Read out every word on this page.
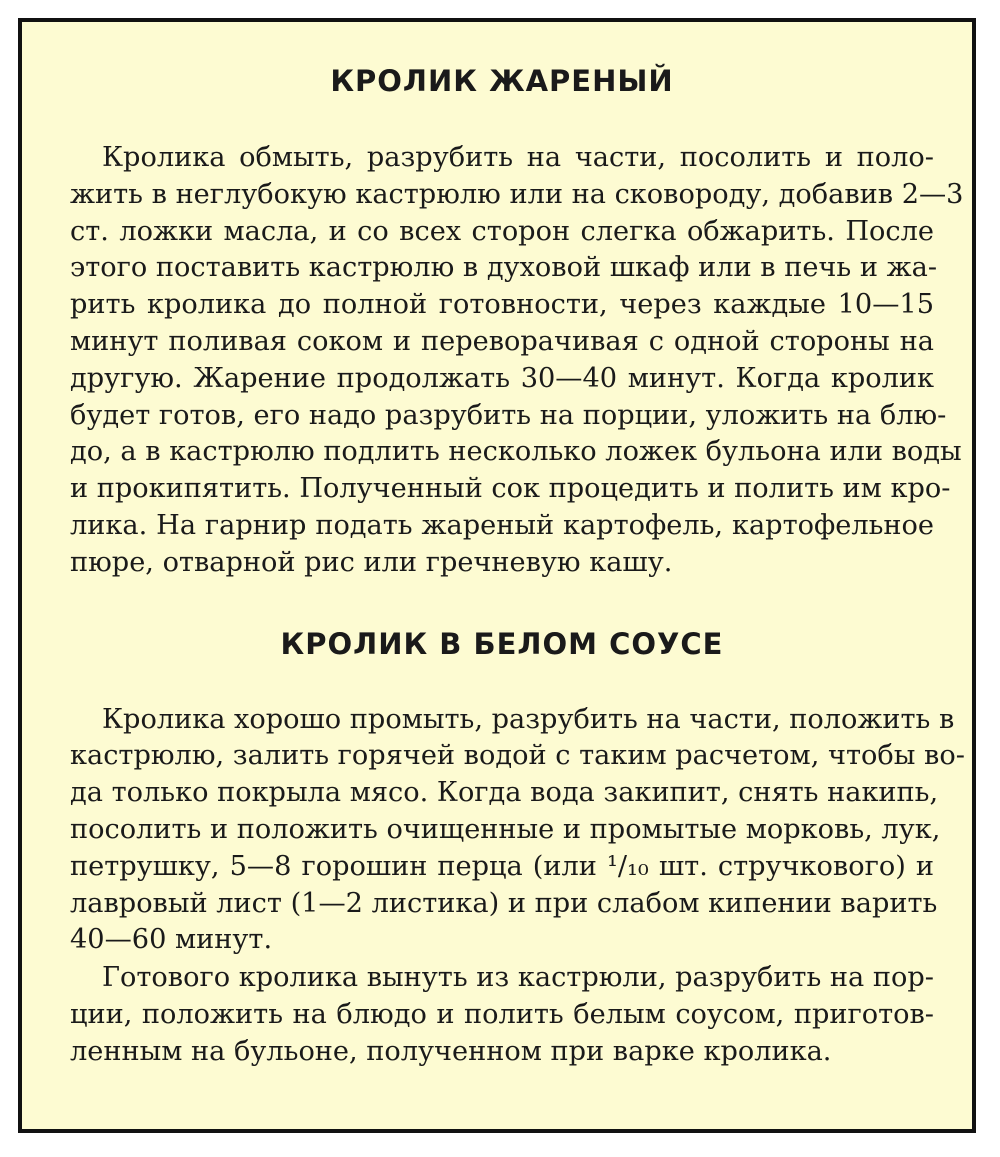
КРОЛИК ЖАРЕНЫЙ

Кролика обмыть, разрубить на части, посолить и поло-
жить в неглубокую кастрюлю или на сковороду, добавив 2—3
ст. ложки масла, и со всех сторон слегка обжарить. После
этого поставить кастрюлю в духовой шкаф или в печь и жа-
рить кролика до полной готовности, через каждые 10—15
минут поливая соком и переворачивая с одной стороны на
другую. Жарение продолжать 30—40 минут. Когда кролик
будет готов, его надо разрубить на порции, уложить на блю-
до, а в кастрюлю подлить несколько ложек бульона или воды
и прокипятить. Полученный сок процедить и полить им кро-
лика. На гарнир подать жареный картофель, картофельное
пюре, отварной рис или гречневую кашу.

КРОЛИК В БЕЛОМ СОУСЕ

Кролика хорошо промыть, разрубить на части, положить в
кастрюлю, залить горячей водой с таким расчетом, чтобы во-
да только покрыла мясо. Когда вода закипит, снять накипь,
посолить и положить очищенные и промытые морковь, лук,
петрушку, 5—8 горошин перца (или ¹/₁₀ шт. стручкового) и
лавровый лист (1—2 листика) и при слабом кипении варить
40—60 минут.

Готового кролика вынуть из кастрюли, разрубить на пор-
ции, положить на блюдо и полить белым соусом, приготов-
ленным на бульоне, полученном при варке кролика.
